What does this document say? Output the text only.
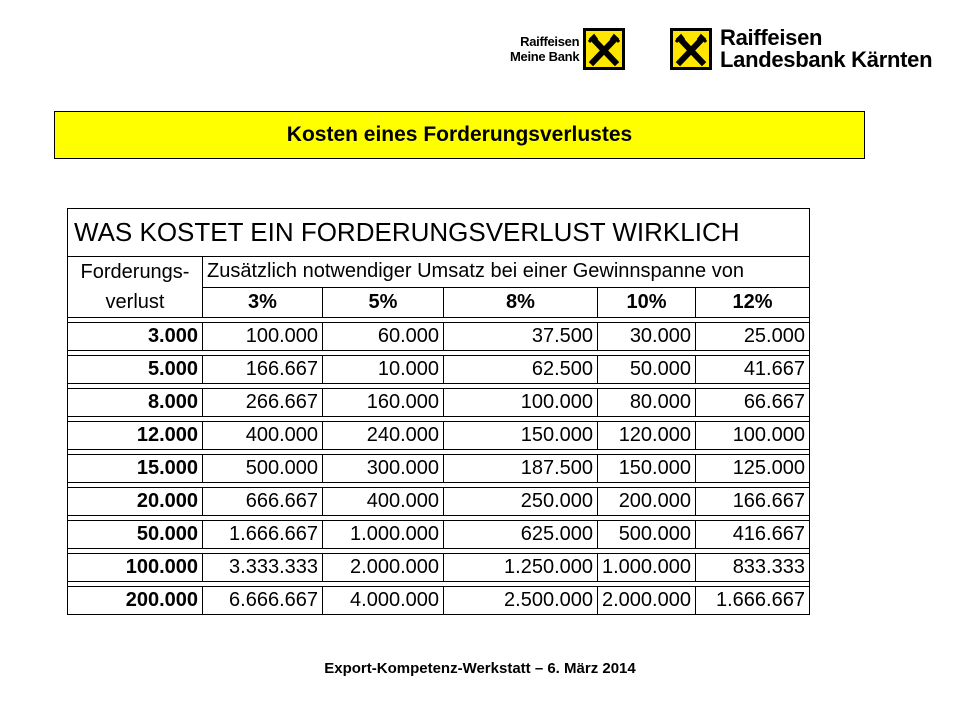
Raiffeisen
Meine Bank
Raiffeisen
Landesbank Kärnten
Kosten eines Forderungsverlustes
WAS KOSTET EIN FORDERUNGSVERLUST WIRKLICH					
Forderungs-
verlust	Zusätzlich notwendiger Umsatz bei einer Gewinnspanne von				
	3%	5%	8%	10%	12%

3.000	100.000	60.000	37.500	30.000	25.000

5.000	166.667	10.000	62.500	50.000	41.667

8.000	266.667	160.000	100.000	80.000	66.667

12.000	400.000	240.000	150.000	120.000	100.000

15.000	500.000	300.000	187.500	150.000	125.000

20.000	666.667	400.000	250.000	200.000	166.667

50.000	1.666.667	1.000.000	625.000	500.000	416.667

100.000	3.333.333	2.000.000	1.250.000	1.000.000	833.333

200.000	6.666.667	4.000.000	2.500.000	2.000.000	1.666.667
Export-Kompetenz-Werkstatt – 6. März 2014
